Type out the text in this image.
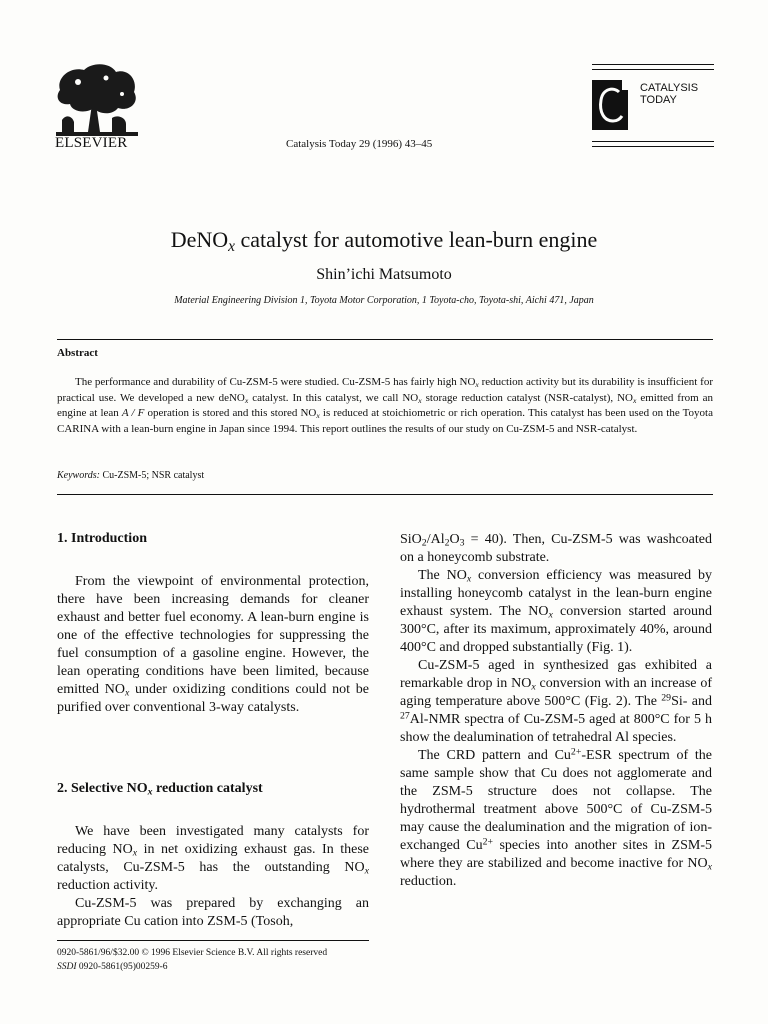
ELSEVIER	Catalysis Today 29 (1996) 43–45
CATALYSIS
TODAY
DeNO$_x$ catalyst for automotive lean-burn engine
Shin’ichi Matsumoto
Material Engineering Division 1, Toyota Motor Corporation, 1 Toyota-cho, Toyota-shi, Aichi 471, Japan
Abstract

The performance and durability of Cu-ZSM-5 were studied. Cu-ZSM-5 has fairly high $NO_x$ reduction activity but its durability is insufficient for practical use. We developed a new deNO$_x$ catalyst. In this catalyst, we call $NO_x$ storage reduction catalyst (NSR-catalyst), $NO_x$ emitted from an engine at lean A / F operation is stored and this stored $NO_x$ is reduced at stoichiometric or rich operation. This catalyst has been used on the Toyota CARINA with a lean-burn engine in Japan since 1994. This report outlines the results of our study on Cu-ZSM-5 and NSR-catalyst.

Keywords: Cu-ZSM-5; NSR catalyst
1. Introduction

From the viewpoint of environmental protection, there have been increasing demands for cleaner exhaust and better fuel economy. A lean-burn engine is one of the effective technologies for suppressing the fuel consumption of a gasoline engine. However, the lean operating conditions have been limited, because emitted $NO_x$ under oxidizing conditions could not be purified over conventional 3-way catalysts.

2. Selective $NO_x$ reduction catalyst

We have been investigated many catalysts for reducing $NO_x$ in net oxidizing exhaust gas. In these catalysts, Cu-ZSM-5 has the outstanding $NO_x$ reduction activity.

Cu-ZSM-5 was prepared by exchanging an appropriate Cu cation into ZSM-5 (Tosoh,

$SiO_2/Al_2O_3 = 40$). Then, Cu-ZSM-5 was washcoated on a honeycomb substrate.

The $NO_x$ conversion efficiency was measured by installing honeycomb catalyst in the lean-burn engine exhaust system. The $NO_x$ conversion started around 300°C, after its maximum, approximately 40%, around 400°C and dropped substantially (Fig. 1).

Cu-ZSM-5 aged in synthesized gas exhibited a remarkable drop in $NO_x$ conversion with an increase of aging temperature above 500°C (Fig. 2). The $^{29}$Si- and $^{27}$Al-NMR spectra of Cu-ZSM-5 aged at 800°C for 5 h show the dealumination of tetrahedral Al species.

The CRD pattern and $Cu^{2+}$-ESR spectrum of the same sample show that Cu does not agglomerate and the ZSM-5 structure does not collapse. The hydrothermal treatment above 500°C of Cu-ZSM-5 may cause the dealumination and the migration of ion-exchanged $Cu^{2+}$ species into another sites in ZSM-5 where they are stabilized and become inactive for $NO_x$ reduction.

0920-5861/96/$32.00 © 1996 Elsevier Science B.V. All rights reserved
SSDI 0920-5861(95)00259-6
